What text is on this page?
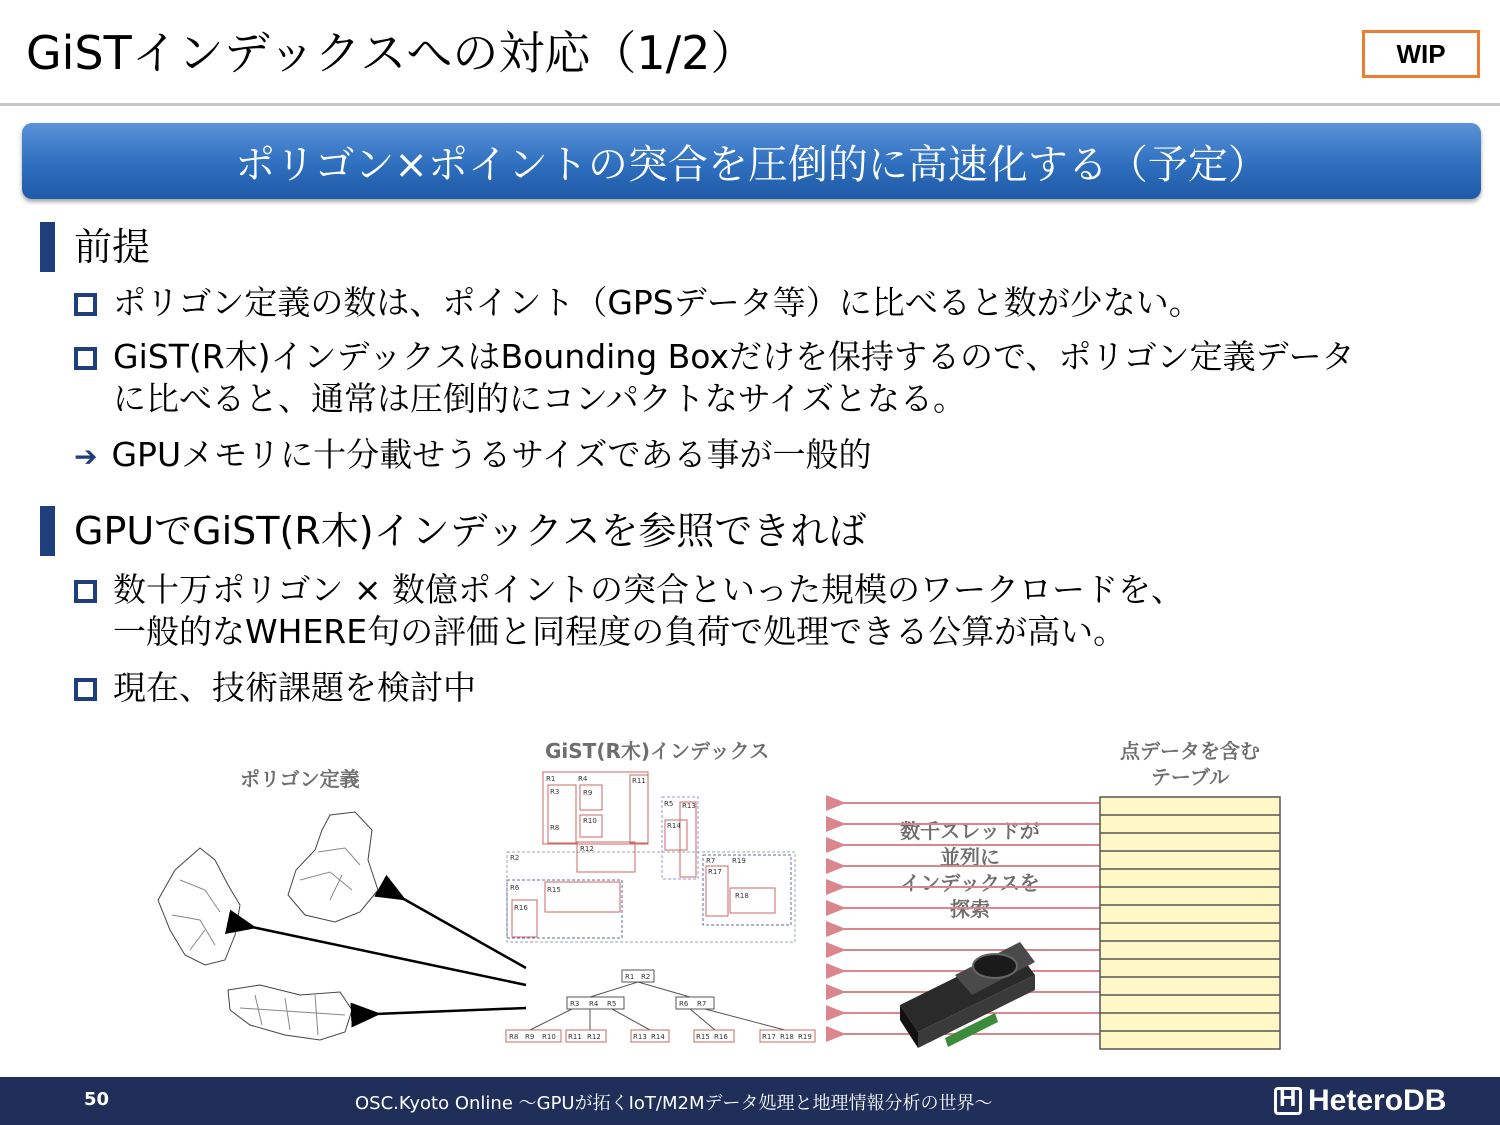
GiSTインデックスへの対応（1/2）	WIP
ポリゴン×ポイントの突合を圧倒的に高速化する（予定）
前提
ポリゴン定義の数は、ポイント（GPSデータ等）に比べると数が少ない。
GiST(R木)インデックスはBounding Boxだけを保持するので、ポリゴン定義データ
に比べると、通常は圧倒的にコンパクトなサイズとなる。
➔ GPUメモリに十分載せうるサイズである事が一般的
GPUでGiST(R木)インデックスを参照できれば
数十万ポリゴン × 数億ポイントの突合といった規模のワークロードを、
一般的なWHERE句の評価と同程度の負荷で処理できる公算が高い。
現在、技術課題を検討中
ポリゴン定義
GiST(R木)インデックス	点データを含む
テーブル
数千スレッドが
並列に
インデックスを
探索
R1
R2
R3
R4
R5
R6
R7
R8
R9
R10
R11
R12
R13
R14
R15
R16
R17
R18
R19
R1 R2
R3 R4 R5	R6 R7
R8 R9 R10 R11 R12	R13 R14	R15 R16	R17 R18 R19
50	OSC.Kyoto Online 〜GPUが拓くIoT/M2Mデータ処理と地理情報分析の世界〜
H	HeteroDB
